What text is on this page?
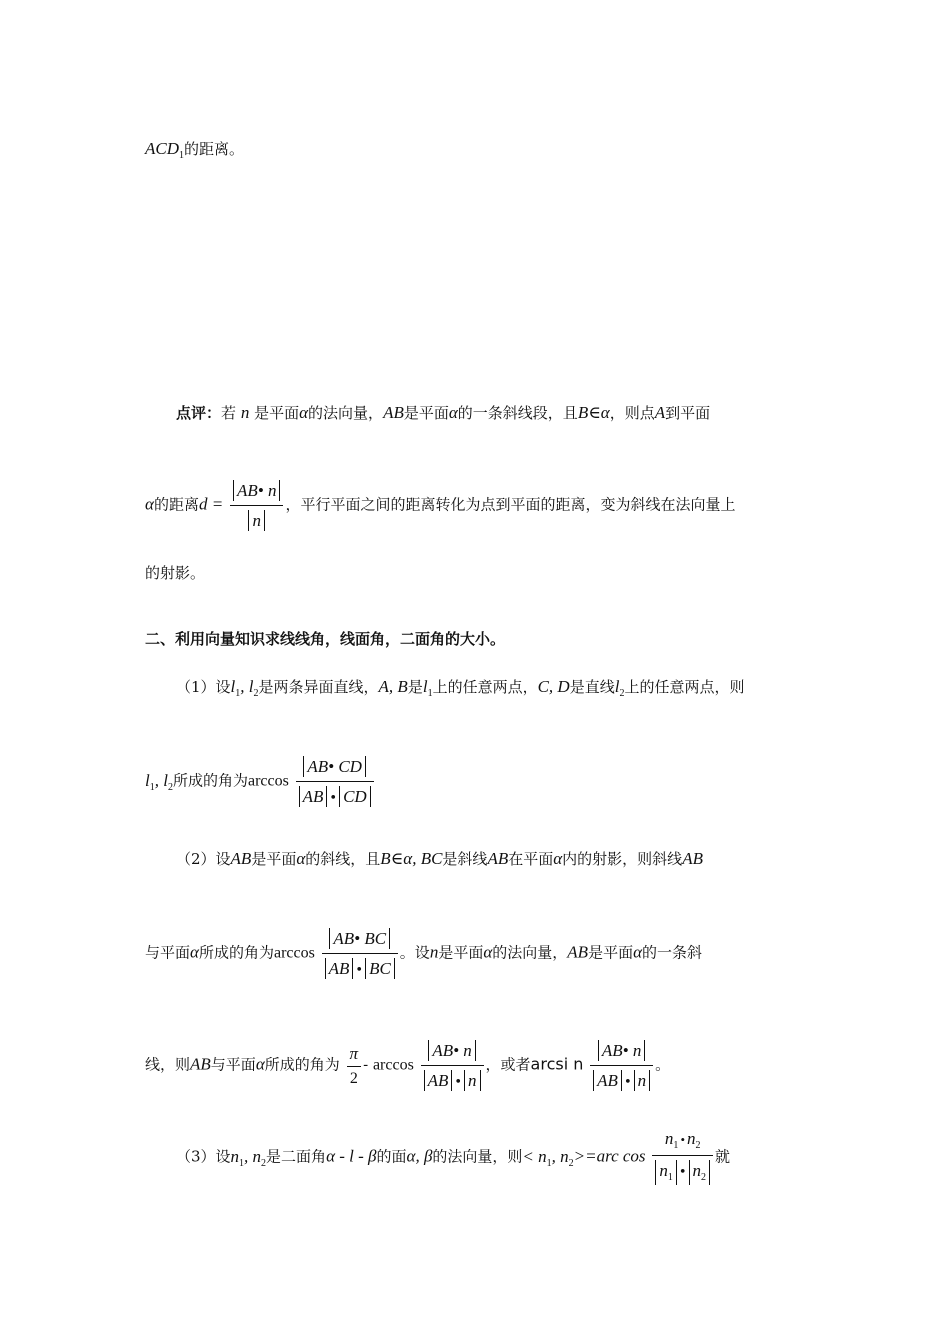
$ACD_1$的距离。
点评：若 n 是平面α的法向量，AB是平面α的一条斜线段，且B∈α，则点A到平面
α的距离$d = \frac{AB• n}{n}$ ，平行平面之间的距离转化为点到平面的距离，变为斜线在法向量上
的射影。
二、利用向量知识求线线角，线面角，二面角的大小。
（1）设$l_1$, $l_2$是两条异面直线，A, B是$l_1$上的任意两点，C, D是直线$l_2$上的任意两点，则
$l_1$, $l_2$所成的角为$\arccos \frac{AB• CD}{AB • CD}$
（2）设AB是平面α的斜线，且B∈α, BC是斜线AB在平面α内的射影，则斜线AB
与平面α所成的角为$\arccos \frac{AB• BC}{AB • BC}$ 。设n是平面α的法向量，AB是平面α的一条斜
线，则AB与平面α所成的角为 $\frac{\pi}{2}$ - $\arccos \frac{AB• n}{AB • n}$ ，或者arcsi n $\frac{AB• n}{AB • n}$ 。
（3）设$n_1$, $n_2$是二面角α - l - β的面α, β的法向量，则< $n_1$, $n_2>=arc$ $\cos \frac{n_1 • n_2}{n_1 • n_2}$ 就
